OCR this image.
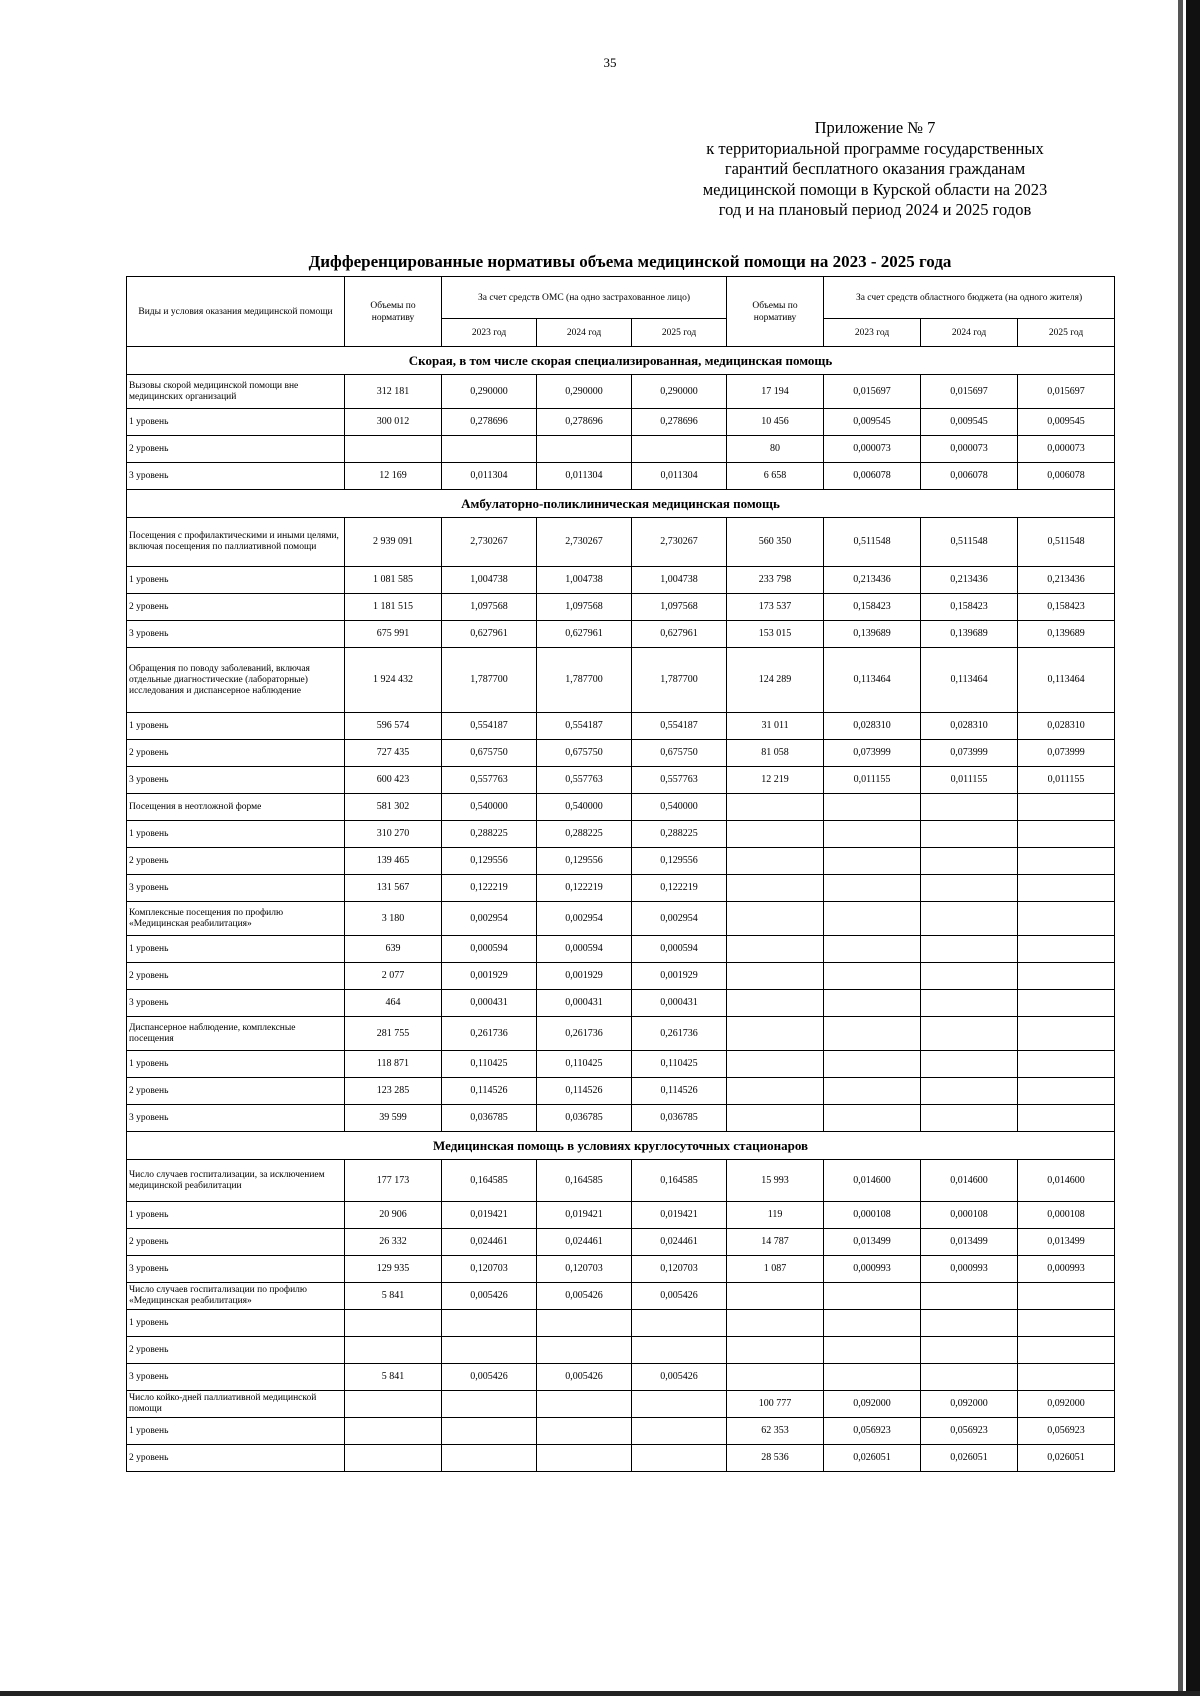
35
Приложение № 7
к территориальной программе государственных
гарантий бесплатного оказания гражданам
медицинской помощи в Курской области на 2023
год и на плановый период 2024 и 2025 годов
Дифференцированные нормативы объема медицинской помощи на 2023 - 2025 года
Виды и условия оказания медицинской помощи	Объемы по нормативу	За счет средств ОМС (на одно застрахованное лицо)			Объемы по нормативу	За счет средств областного бюджета (на одного жителя)		
		2023 год	2024 год	2025 год		2023 год	2024 год	2025 год
Скорая, в том числе скорая специализированная, медицинская помощь								
Вызовы скорой медицинской помощи вне медицинских организаций	312 181	0,290000	0,290000	0,290000	17 194	0,015697	0,015697	0,015697
1 уровень	300 012	0,278696	0,278696	0,278696	10 456	0,009545	0,009545	0,009545
2 уровень					80	0,000073	0,000073	0,000073
3 уровень	12 169	0,011304	0,011304	0,011304	6 658	0,006078	0,006078	0,006078
Амбулаторно-поликлиническая медицинская помощь								
Посещения с профилактическими и иными целями, включая посещения по паллиативной помощи	2 939 091	2,730267	2,730267	2,730267	560 350	0,511548	0,511548	0,511548
1 уровень	1 081 585	1,004738	1,004738	1,004738	233 798	0,213436	0,213436	0,213436
2 уровень	1 181 515	1,097568	1,097568	1,097568	173 537	0,158423	0,158423	0,158423
3 уровень	675 991	0,627961	0,627961	0,627961	153 015	0,139689	0,139689	0,139689
Обращения по поводу заболеваний, включая отдельные диагностические (лабораторные) исследования и диспансерное наблюдение	1 924 432	1,787700	1,787700	1,787700	124 289	0,113464	0,113464	0,113464
1 уровень	596 574	0,554187	0,554187	0,554187	31 011	0,028310	0,028310	0,028310
2 уровень	727 435	0,675750	0,675750	0,675750	81 058	0,073999	0,073999	0,073999
3 уровень	600 423	0,557763	0,557763	0,557763	12 219	0,011155	0,011155	0,011155
Посещения в неотложной форме	581 302	0,540000	0,540000	0,540000				
1 уровень	310 270	0,288225	0,288225	0,288225				
2 уровень	139 465	0,129556	0,129556	0,129556				
3 уровень	131 567	0,122219	0,122219	0,122219				
Комплексные посещения по профилю «Медицинская реабилитация»	3 180	0,002954	0,002954	0,002954				
1 уровень	639	0,000594	0,000594	0,000594				
2 уровень	2 077	0,001929	0,001929	0,001929				
3 уровень	464	0,000431	0,000431	0,000431				
Диспансерное наблюдение, комплексные посещения	281 755	0,261736	0,261736	0,261736				
1 уровень	118 871	0,110425	0,110425	0,110425				
2 уровень	123 285	0,114526	0,114526	0,114526				
3 уровень	39 599	0,036785	0,036785	0,036785				
Медицинская помощь в условиях круглосуточных стационаров								
Число случаев госпитализации, за исключением медицинской реабилитации	177 173	0,164585	0,164585	0,164585	15 993	0,014600	0,014600	0,014600
1 уровень	20 906	0,019421	0,019421	0,019421	119	0,000108	0,000108	0,000108
2 уровень	26 332	0,024461	0,024461	0,024461	14 787	0,013499	0,013499	0,013499
3 уровень	129 935	0,120703	0,120703	0,120703	1 087	0,000993	0,000993	0,000993
Число случаев госпитализации по профилю «Медицинская реабилитация»	5 841	0,005426	0,005426	0,005426				
1 уровень								
2 уровень								
3 уровень	5 841	0,005426	0,005426	0,005426				
Число койко-дней паллиативной медицинской помощи					100 777	0,092000	0,092000	0,092000
1 уровень					62 353	0,056923	0,056923	0,056923
2 уровень					28 536	0,026051	0,026051	0,026051
